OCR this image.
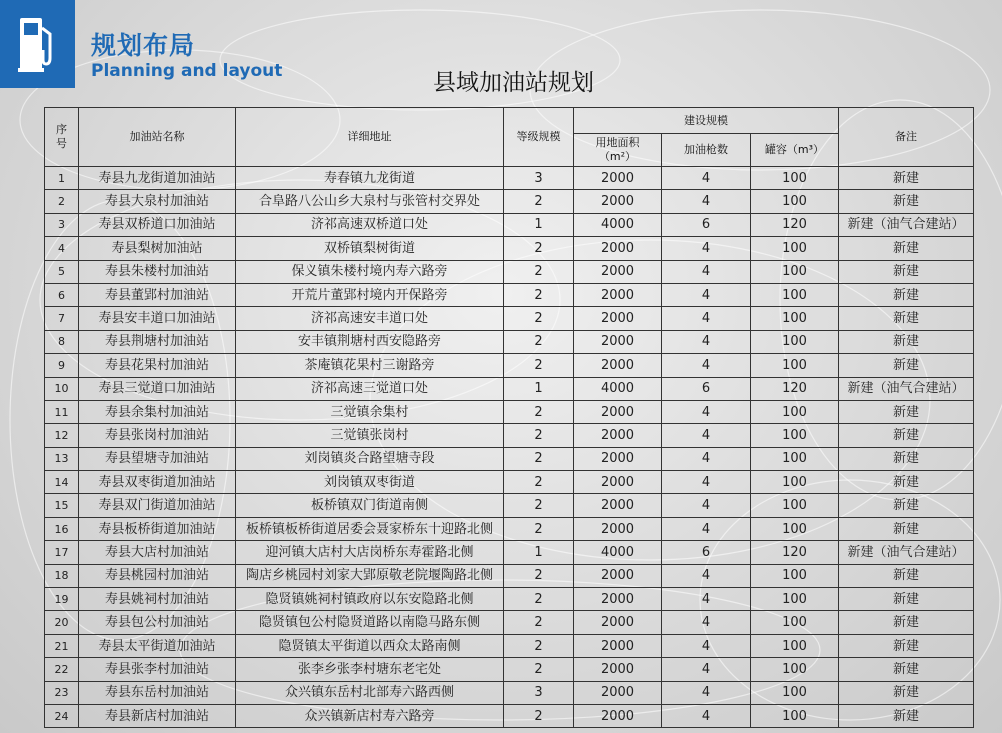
规划布局
Planning and layout	县域加油站规划
序号	加油站名称	详细地址	等级规模	建设规模			备注
				用地面积（m²）	加油枪数	罐容（m³）	
1	寿县九龙街道加油站	寿春镇九龙街道	3	2000	4	100	新建
2	寿县大泉村加油站	合阜路八公山乡大泉村与张管村交界处	2	2000	4	100	新建
3	寿县双桥道口加油站	济祁高速双桥道口处	1	4000	6	120	新建（油气合建站）
4	寿县梨树加油站	双桥镇梨树街道	2	2000	4	100	新建
5	寿县朱楼村加油站	保义镇朱楼村境内寿六路旁	2	2000	4	100	新建
6	寿县董郢村加油站	开荒片董郢村境内开保路旁	2	2000	4	100	新建
7	寿县安丰道口加油站	济祁高速安丰道口处	2	2000	4	100	新建
8	寿县荆塘村加油站	安丰镇荆塘村西安隐路旁	2	2000	4	100	新建
9	寿县花果村加油站	茶庵镇花果村三谢路旁	2	2000	4	100	新建
10	寿县三觉道口加油站	济祁高速三觉道口处	1	4000	6	120	新建（油气合建站）
11	寿县余集村加油站	三觉镇余集村	2	2000	4	100	新建
12	寿县张岗村加油站	三觉镇张岗村	2	2000	4	100	新建
13	寿县望塘寺加油站	刘岗镇炎合路望塘寺段	2	2000	4	100	新建
14	寿县双枣街道加油站	刘岗镇双枣街道	2	2000	4	100	新建
15	寿县双门街道加油站	板桥镇双门街道南侧	2	2000	4	100	新建
16	寿县板桥街道加油站	板桥镇板桥街道居委会聂家桥东十迎路北侧	2	2000	4	100	新建
17	寿县大店村加油站	迎河镇大店村大店岗桥东寿霍路北侧	1	4000	6	120	新建（油气合建站）
18	寿县桃园村加油站	陶店乡桃园村刘家大郢原敬老院堰陶路北侧	2	2000	4	100	新建
19	寿县姚祠村加油站	隐贤镇姚祠村镇政府以东安隐路北侧	2	2000	4	100	新建
20	寿县包公村加油站	隐贤镇包公村隐贤道路以南隐马路东侧	2	2000	4	100	新建
21	寿县太平街道加油站	隐贤镇太平街道以西众太路南侧	2	2000	4	100	新建
22	寿县张李村加油站	张李乡张李村塘东老宅处	2	2000	4	100	新建
23	寿县东岳村加油站	众兴镇东岳村北部寿六路西侧	3	2000	4	100	新建
24	寿县新店村加油站	众兴镇新店村寿六路旁	2	2000	4	100	新建
